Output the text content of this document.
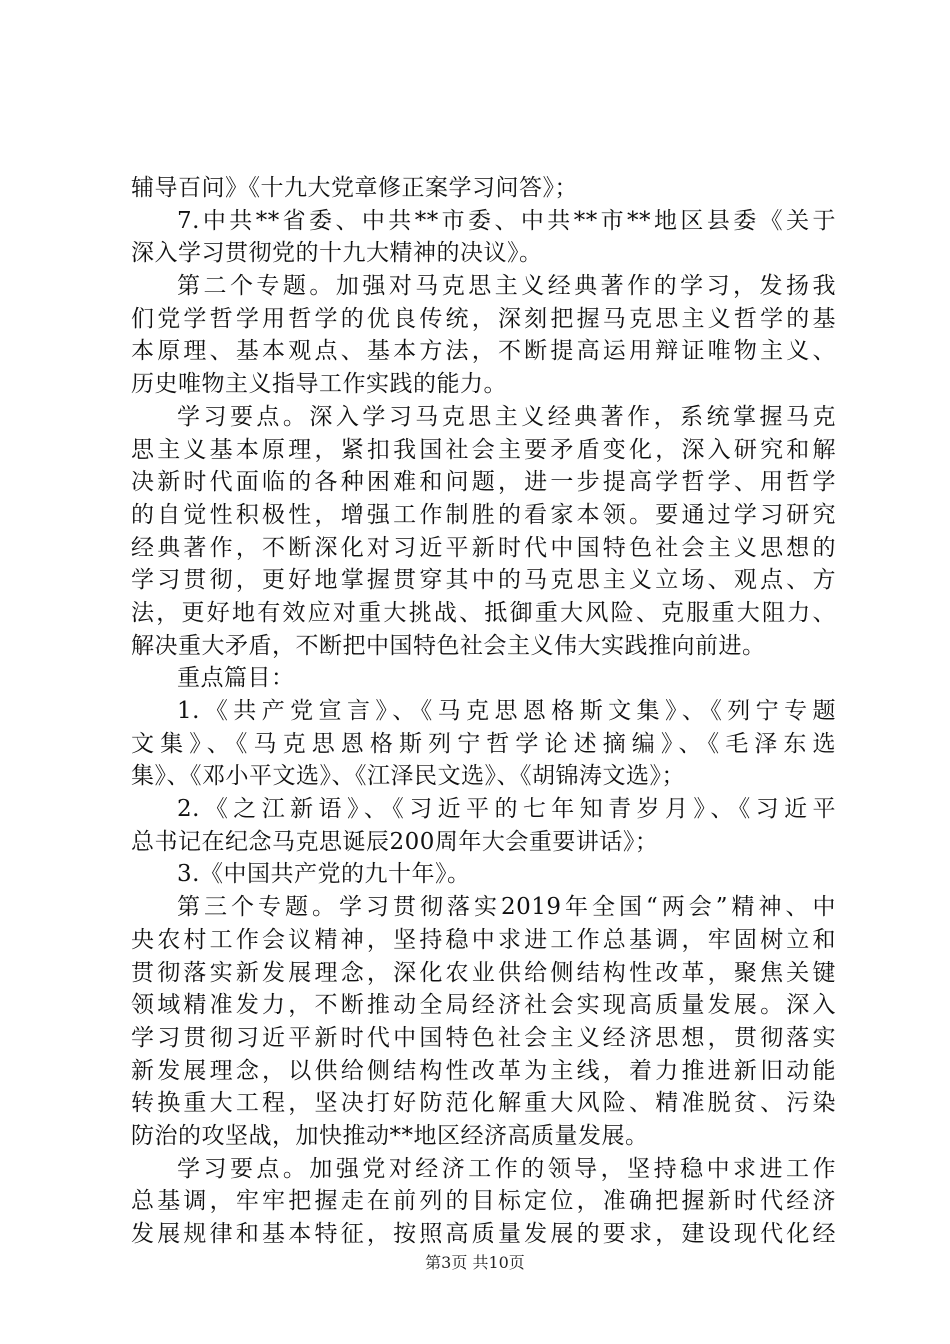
辅导百问》《十九大党章修正案学习问答》；
7.中共**省委、中共**市委、中共**市**地区县委《关于
深入学习贯彻党的十九大精神的决议》。
第二个专题。加强对马克思主义经典著作的学习，发扬我
们党学哲学用哲学的优良传统，深刻把握马克思主义哲学的基
本原理、基本观点、基本方法，不断提高运用辩证唯物主义、
历史唯物主义指导工作实践的能力。
学习要点。深入学习马克思主义经典著作，系统掌握马克
思主义基本原理，紧扣我国社会主要矛盾变化，深入研究和解
决新时代面临的各种困难和问题，进一步提高学哲学、用哲学
的自觉性积极性，增强工作制胜的看家本领。要通过学习研究
经典著作，不断深化对习近平新时代中国特色社会主义思想的
学习贯彻，更好地掌握贯穿其中的马克思主义立场、观点、方
法，更好地有效应对重大挑战、抵御重大风险、克服重大阻力、
解决重大矛盾，不断把中国特色社会主义伟大实践推向前进。
重点篇目：
1.《共产党宣言》、《马克思恩格斯文集》、《列宁专题
文集》、《马克思恩格斯列宁哲学论述摘编》、《毛泽东选
集》、《邓小平文选》、《江泽民文选》、《胡锦涛文选》；
2.《之江新语》、《习近平的七年知青岁月》、《习近平
总书记在纪念马克思诞辰200周年大会重要讲话》；
3.《中国共产党的九十年》。
第三个专题。学习贯彻落实2019年全国“两会”精神、中
央农村工作会议精神，坚持稳中求进工作总基调，牢固树立和
贯彻落实新发展理念，深化农业供给侧结构性改革，聚焦关键
领域精准发力，不断推动全局经济社会实现高质量发展。深入
学习贯彻习近平新时代中国特色社会主义经济思想，贯彻落实
新发展理念，以供给侧结构性改革为主线，着力推进新旧动能
转换重大工程，坚决打好防范化解重大风险、精准脱贫、污染
防治的攻坚战，加快推动**地区经济高质量发展。
学习要点。加强党对经济工作的领导，坚持稳中求进工作
总基调，牢牢把握走在前列的目标定位，准确把握新时代经济
发展规律和基本特征，按照高质量发展的要求，建设现代化经
第3页 共10页
